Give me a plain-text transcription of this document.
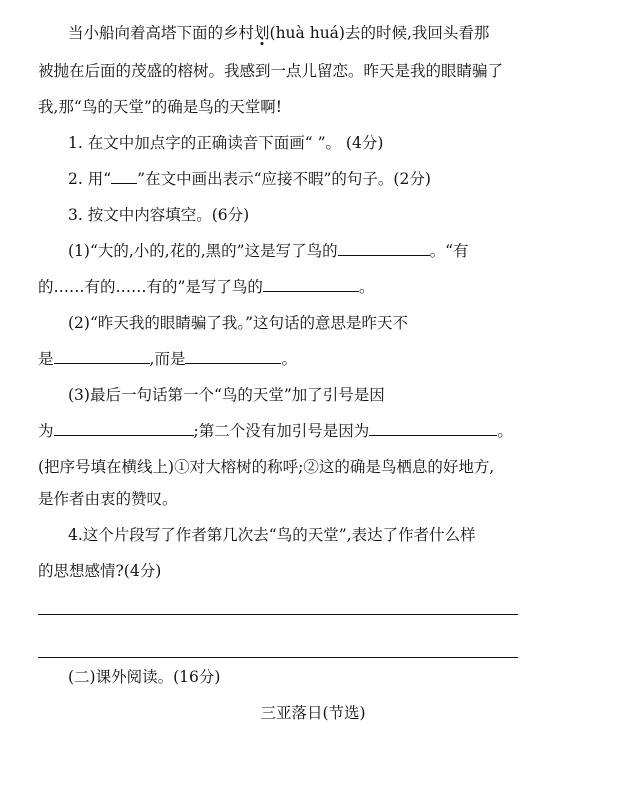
当小船向着高塔下面的乡村划(huà huá)去的时候,我回头看那
被抛在后面的茂盛的榕树。我感到一点儿留恋。昨天是我的眼睛骗了
我,那“鸟的天堂”的确是鸟的天堂啊!
1. 在文中加点字的正确读音下面画“ ”。 (4分)
2. 用“ ”在文中画出表示“应接不暇”的句子。(2分)
3. 按文中内容填空。(6分)
(1)“大的,小的,花的,黑的”这是写了鸟的	。“有
的……有的……有的”是写了鸟的	。
(2)“昨天我的眼睛骗了我。”这句话的意思是昨天不
是	,而是	。
(3)最后一句话第一个“鸟的天堂”加了引号是因
为	;第二个没有加引号是因为	。
(把序号填在横线上)①对大榕树的称呼;②这的确是鸟栖息的好地方,
是作者由衷的赞叹。
4.这个片段写了作者第几次去“鸟的天堂”,表达了作者什么样
的思想感情?(4分)
(二)课外阅读。(16分)
三亚落日(节选)
